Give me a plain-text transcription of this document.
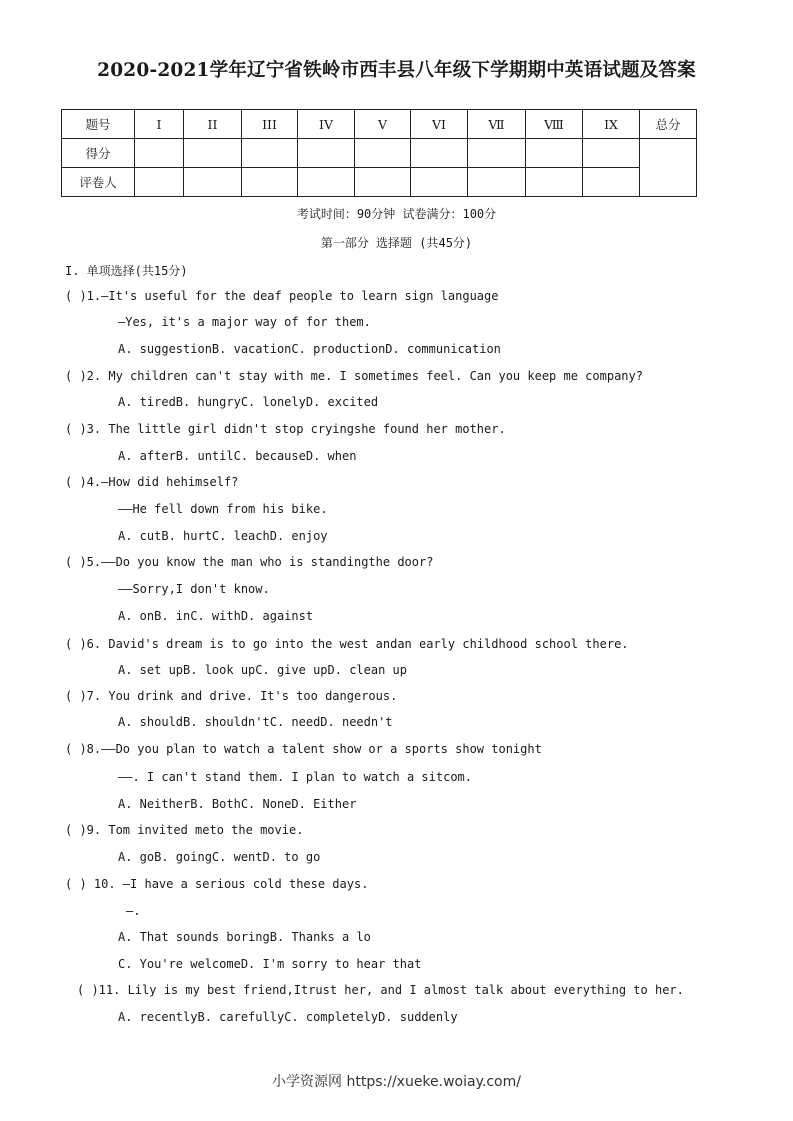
2020-2021学年辽宁省铁岭市西丰县八年级下学期期中英语试题及答案
题号	I	II	III	IV	V	VI	Ⅶ	Ⅷ	IX	总分
得分										
评卷人										
考试时间：90分钟 试卷满分：100分
第一部分 选择题 (共45分)
I. 单项选择(共15分)
( )1.—It's useful for the deaf people to learn sign language
—Yes, it's a major way of for them.
A. suggestionB. vacationC. productionD. communication
( )2. My children can't stay with me. I sometimes feel. Can you keep me company?
A. tiredB. hungryC. lonelyD. excited
( )3. The little girl didn't stop cryingshe found her mother.
A. afterB. untilC. becauseD. when
( )4.—How did hehimself?
——He fell down from his bike.
A. cutB. hurtC. leachD. enjoy
( )5.——Do you know the man who is standingthe door?
——Sorry,I don't know.
A. onB. inC. withD. against
( )6. David's dream is to go into the west andan early childhood school there.
A. set upB. look upC. give upD. clean up
( )7. You drink and drive. It's too dangerous.
A. shouldB. shouldn'tC. needD. needn't
( )8.——Do you plan to watch a talent show or a sports show tonight
——. I can't stand them. I plan to watch a sitcom.
A. NeitherB. BothC. NoneD. Either
( )9. Tom invited meto the movie.
A. goB. goingC. wentD. to go
( ) 10. —I have a serious cold these days.
—.
A. That sounds boringB. Thanks a lo
C. You're welcomeD. I'm sorry to hear that
( )11. Lily is my best friend,Itrust her, and I almost talk about everything to her.
A. recentlyB. carefullyC. completelyD. suddenly
小学资源网 https://xueke.woiay.com/
